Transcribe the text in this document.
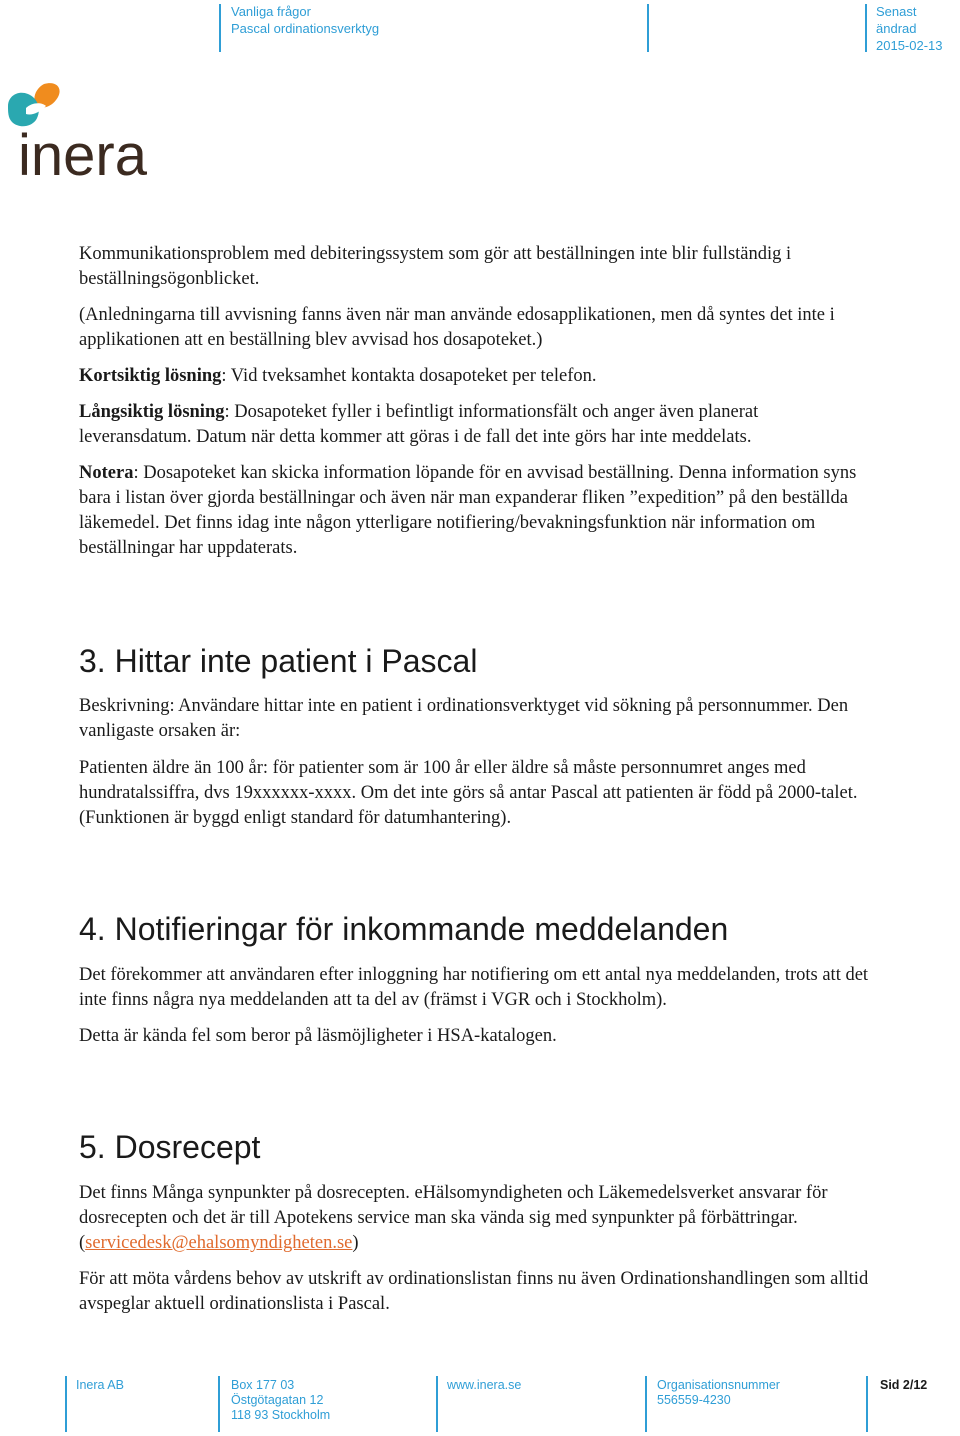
Vanliga frågor
Pascal ordinationsverktyg
Senast ändrad
2015-02-13
inera

Kommunikationsproblem med debiteringssystem som gör att beställningen inte blir fullständig i beställningsögonblicket.

(Anledningarna till avvisning fanns även när man använde edosapplikationen, men då syntes det inte i applikationen att en beställning blev avvisad hos dosapoteket.)

Kortsiktig lösning: Vid tveksamhet kontakta dosapoteket per telefon.

Långsiktig lösning: Dosapoteket fyller i befintligt informationsfält och anger även planerat leveransdatum. Datum när detta kommer att göras i de fall det inte görs har inte meddelats.

Notera: Dosapoteket kan skicka information löpande för en avvisad beställning. Denna information syns bara i listan över gjorda beställningar och även när man expanderar fliken ”expedition” på den beställda läkemedel. Det finns idag inte någon ytterligare notifiering/bevakningsfunktion när information om beställningar har uppdaterats.

3. Hittar inte patient i Pascal

Beskrivning: Användare hittar inte en patient i ordinationsverktyget vid sökning på personnummer. Den vanligaste orsaken är:

Patienten äldre än 100 år: för patienter som är 100 år eller äldre så måste personnumret anges med hundratalssiffra, dvs 19xxxxxx-xxxx. Om det inte görs så antar Pascal att patienten är född på 2000-talet. (Funktionen är byggd enligt standard för datumhantering).

4. Notifieringar för inkommande meddelanden

Det förekommer att användaren efter inloggning har notifiering om ett antal nya meddelanden, trots att det inte finns några nya meddelanden att ta del av (främst i VGR och i Stockholm).

Detta är kända fel som beror på läsmöjligheter i HSA-katalogen.

5. Dosrecept

Det finns Många synpunkter på dosrecepten. eHälsomyndigheten och Läkemedelsverket ansvarar för dosrecepten och det är till Apotekens service man ska vända sig med synpunkter på förbättringar. (servicedesk@ehalsomyndigheten.se)

För att möta vårdens behov av utskrift av ordinationslistan finns nu även Ordinationshandlingen som alltid avspeglar aktuell ordinationslista i Pascal.

Inera AB	Box 177 03
Östgötagatan 12
118 93 Stockholm
www.inera.se	Organisationsnummer
556559-4230
Sid 2/12
